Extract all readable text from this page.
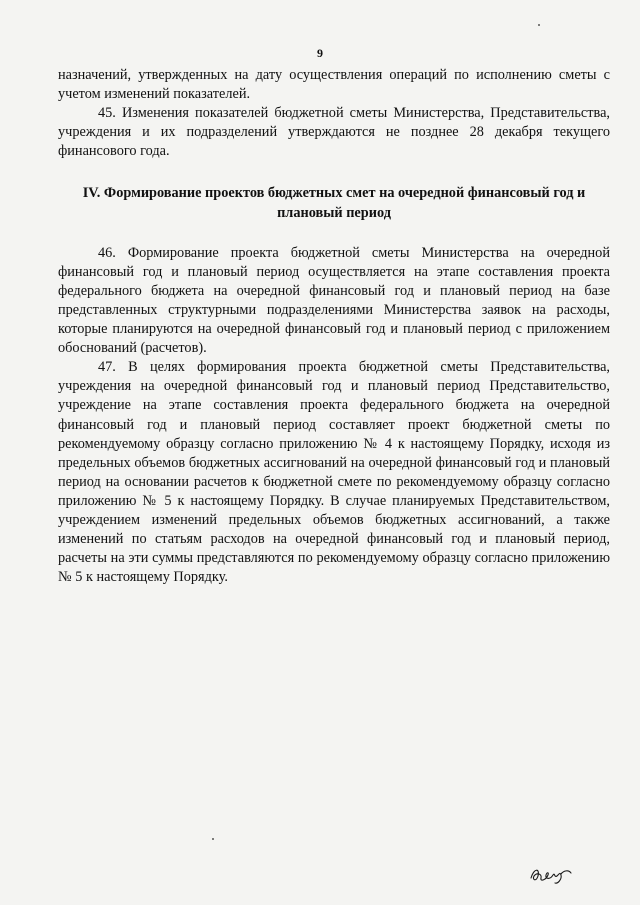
9

назначений, утвержденных на дату осуществления операций по исполнению сметы с учетом изменений показателей.

45. Изменения показателей бюджетной сметы Министерства, Представительства, учреждения и их подразделений утверждаются не позднее 28 декабря текущего финансового года.

IV. Формирование проектов бюджетных смет на очередной финансовый год и плановый период

46. Формирование проекта бюджетной сметы Министерства на очередной финансовый год и плановый период осуществляется на этапе составления проекта федерального бюджета на очередной финансовый год и плановый период на базе представленных структурными подразделениями Министерства заявок на расходы, которые планируются на очередной финансовый год и плановый период с приложением обоснований (расчетов).

47. В целях формирования проекта бюджетной сметы Представительства, учреждения на очередной финансовый год и плановый период Представительство, учреждение на этапе составления проекта федерального бюджета на очередной финансовый год и плановый период составляет проект бюджетной сметы по рекомендуемому образцу согласно приложению № 4 к настоящему Порядку, исходя из предельных объемов бюджетных ассигнований на очередной финансовый год и плановый период на основании расчетов к бюджетной смете по рекомендуемому образцу согласно приложению № 5 к настоящему Порядку. В случае планируемых Представительством, учреждением изменений предельных объемов бюджетных ассигнований, а также изменений по статьям расходов на очередной финансовый год и плановый период, расчеты на эти суммы представляются по рекомендуемому образцу согласно приложению № 5 к настоящему Порядку.
